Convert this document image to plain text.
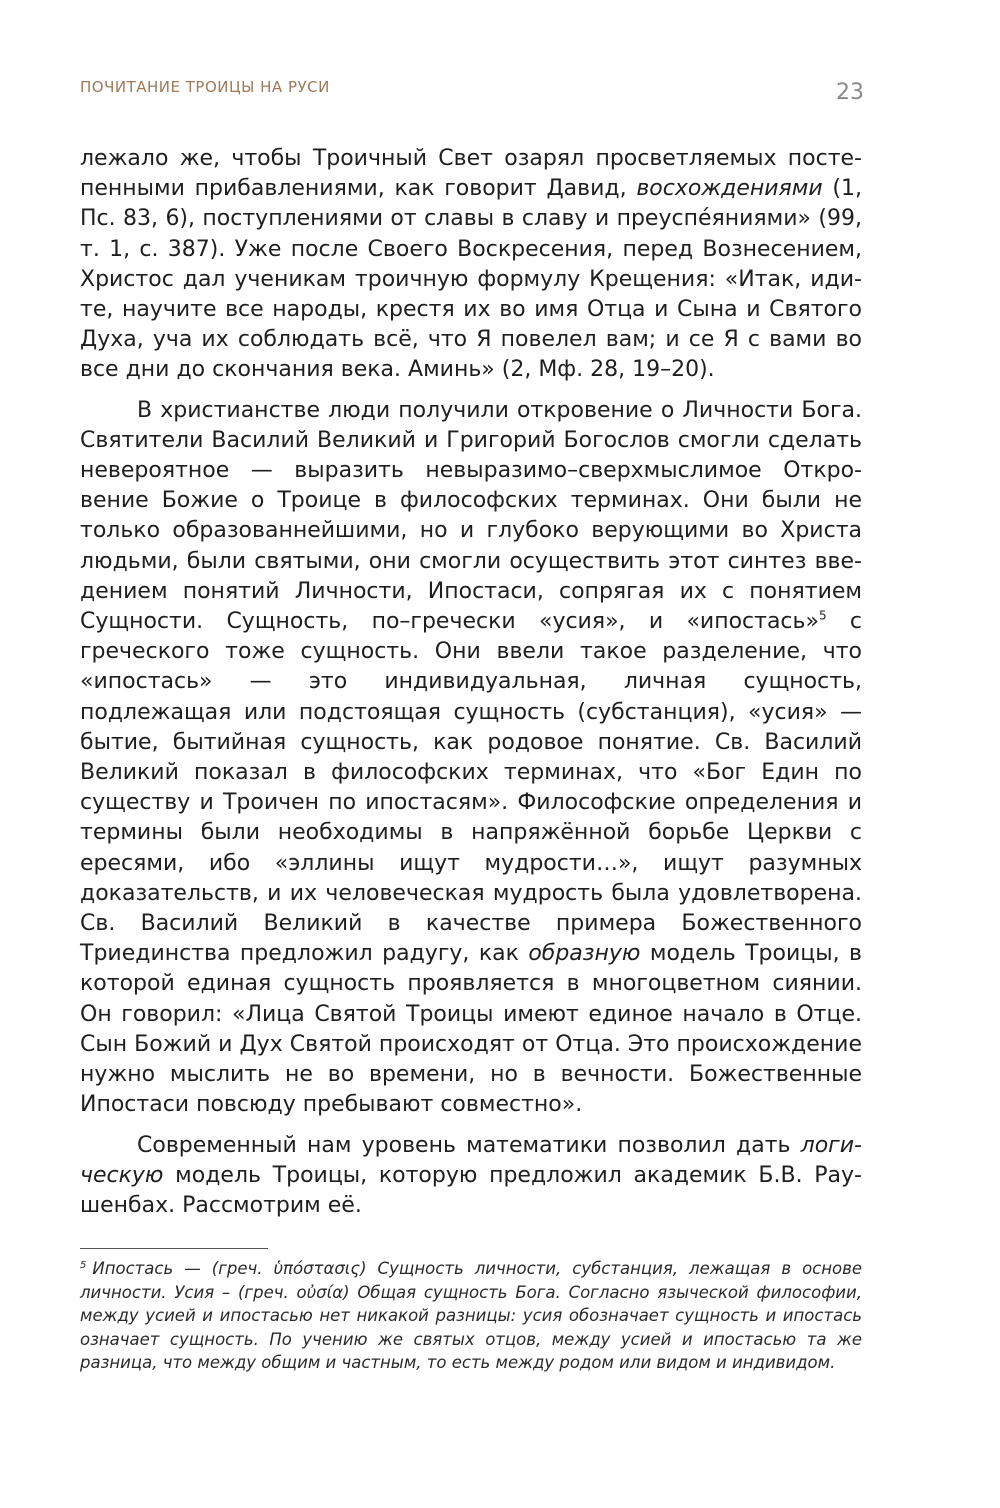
ПОЧИТАНИЕ ТРОИЦЫ НА РУСИ	23

лежало же, чтобы Троичный Свет озарял просветляемых постепенными прибавлениями, как говорит Давид, восхождениями (1, Пс. 83, 6), поступлениями от славы в славу и преуспе́яниями» (99, т. 1, с. 387). Уже после Своего Воскресения, перед Вознесением, Христос дал ученикам троичную формулу Крещения: «Итак, идите, научите все народы, крестя их во имя Отца и Сына и Святого Духа, уча их соблюдать всё, что Я повелел вам; и се Я с вами во все дни до скончания века. Аминь» (2, Мф. 28, 19–20).

В христианстве люди получили откровение о Личности Бога. Святители Василий Великий и Григорий Богослов смогли сделать невероятное — выразить невыразимо–сверхмыслимое Откровение Божие о Троице в философских терминах. Они были не только образованнейшими, но и глубоко верующими во Христа людьми, были святыми, они смогли осуществить этот синтез введением понятий Личности, Ипостаси, сопрягая их с понятием Сущности. Сущность, по–гречески «усия», и «ипостась»$^5$ с греческого тоже сущность. Они ввели такое разделение, что «ипостась» — это индивидуальная, личная сущность, подлежащая или подстоящая сущность (субстанция), «усия» — бытие, бытийная сущность, как родовое понятие. Св. Василий Великий показал в философских терминах, что «Бог Един по существу и Троичен по ипостасям». Философские определения и термины были необходимы в напряжённой борьбе Церкви с ересями, ибо «эллины ищут мудрости…», ищут разумных доказательств, и их человеческая мудрость была удовлетворена. Св. Василий Великий в качестве примера Божественного Триединства предложил радугу, как образную модель Троицы, в которой единая сущность проявляется в многоцветном сиянии. Он говорил: «Лица Святой Троицы имеют единое начало в Отце. Сын Божий и Дух Святой происходят от Отца. Это происхождение нужно мыслить не во времени, но в вечности. Божественные Ипостаси повсюду пребывают совместно».

Современный нам уровень математики позволил дать логическую модель Троицы, которую предложил академик Б.В. Раушенбах. Рассмотрим её.

$^5$ Ипостась — (греч. ὑπόστασις) Сущность личности, субстанция, лежащая в основе личности. Усия – (греч. οὐσία) Общая сущность Бога. Согласно языческой философии, между усией и ипостасью нет никакой разницы: усия обозначает сущность и ипостась означает сущность. По учению же святых отцов, между усией и ипостасью та же разница, что между общим и частным, то есть между родом или видом и индивидом.
